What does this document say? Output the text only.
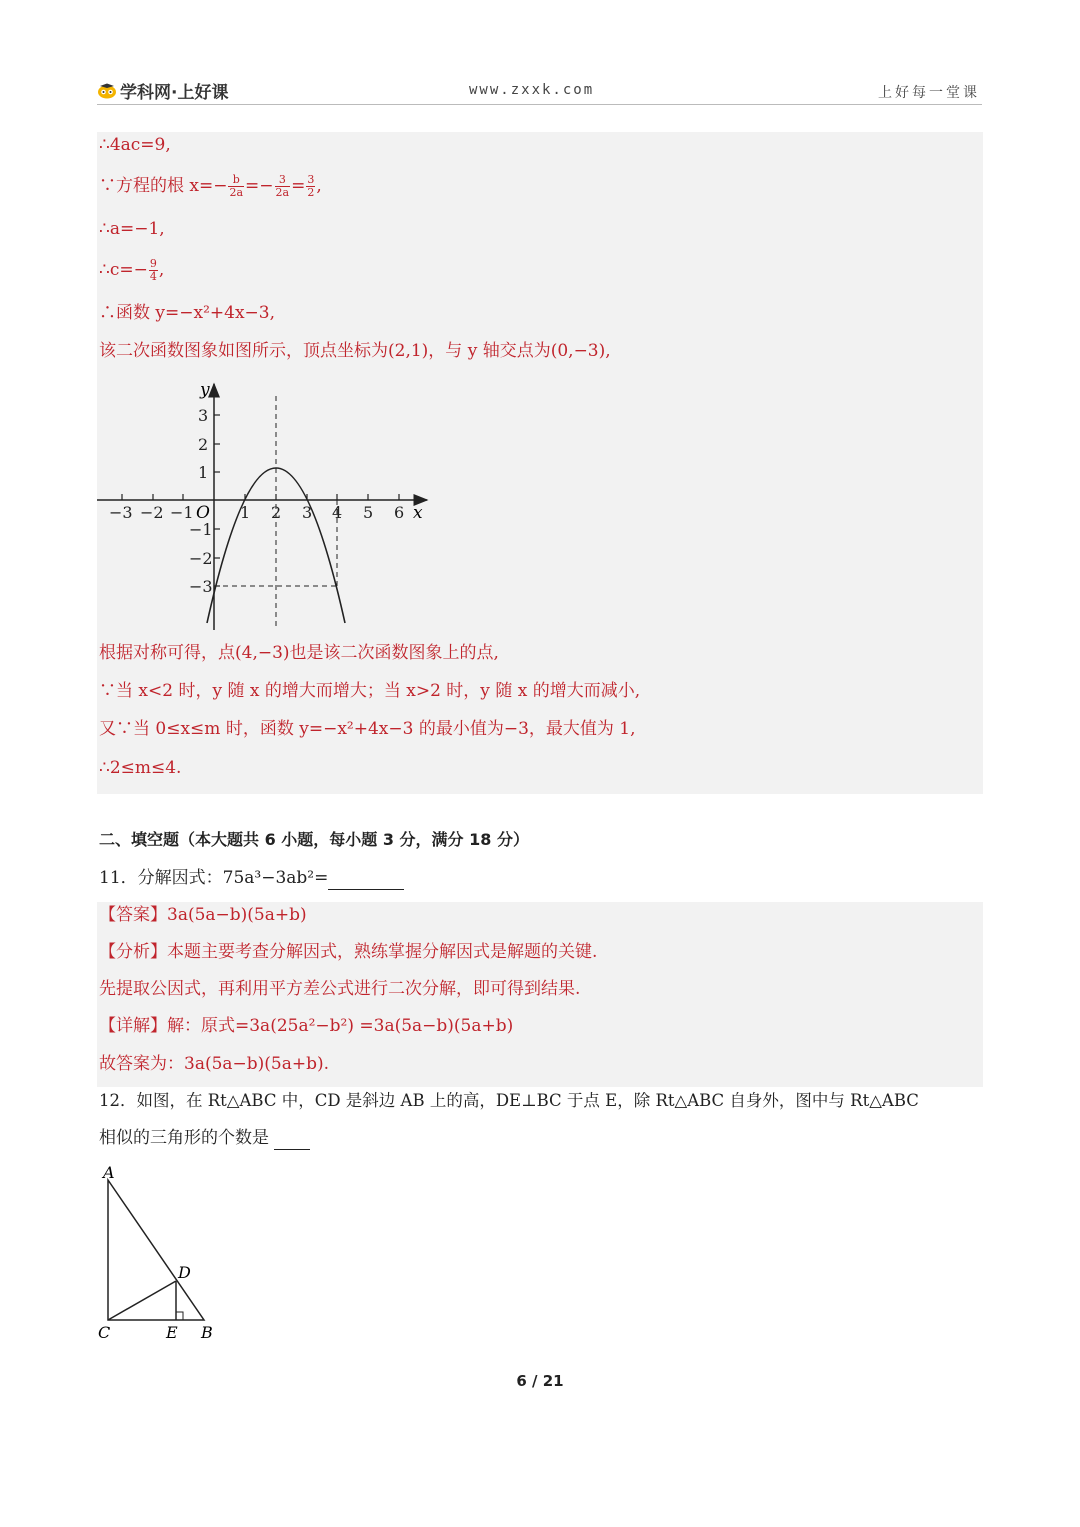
学科网·上好课	www.zxxk.com	上好每一堂课
∴4ac=9,
∵方程的根 $x=- \frac{b}{2a} =- \frac{3}{2a} = \frac{3}{2}$ ,
∴a=−1,
∴c=− $\frac{9}{4}$ ,
∴函数 y=−x²+4x−3,
该二次函数图象如图所示，顶点坐标为(2,1)，与 y 轴交点为(0,−3),
y
x
O
−3 −2 −1	1 2 3 4 5 6
3
2
1
−1
−2
−3
根据对称可得，点(4,−3)也是该二次函数图象上的点,
∵当 x<2 时，y 随 x 的增大而增大；当 x>2 时，y 随 x 的增大而减小,
又∵当 0≤x≤m 时，函数 y=−x²+4x−3 的最小值为−3，最大值为 1,
∴2≤m≤4.
二、填空题（本大题共 6 小题，每小题 3 分，满分 18 分）
11．分解因式：75a³−3ab²=
【答案】3a(5a−b)(5a+b)
【分析】本题主要考查分解因式，熟练掌握分解因式是解题的关键.
先提取公因式，再利用平方差公式进行二次分解，即可得到结果.
【详解】解：原式=3a(25a²−b²) =3a(5a−b)(5a+b)
故答案为：3a(5a−b)(5a+b).
12．如图，在 Rt△ABC 中，CD 是斜边 AB 上的高，DE⊥BC 于点 E，除 Rt△ABC 自身外，图中与 Rt△ABC
相似的三角形的个数是
A
D
C	E B
6 / 21
